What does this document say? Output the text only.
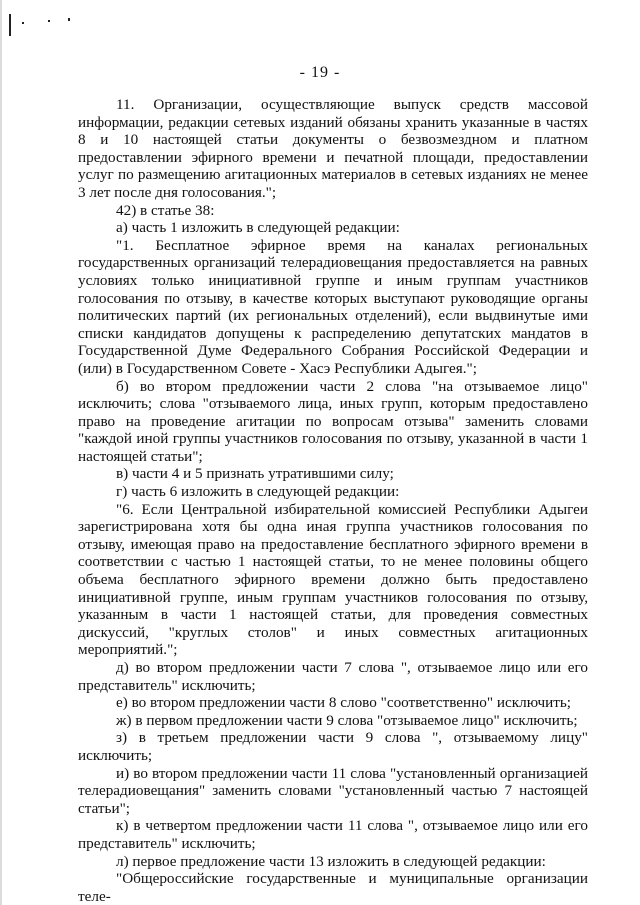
- 19 -

11. Организации, осуществляющие выпуск средств массовой информации, редакции сетевых изданий обязаны хранить указанные в частях 8 и 10 настоящей статьи документы о безвозмездном и платном предоставлении эфирного времени и печатной площади, предоставлении услуг по размещению агитационных материалов в сетевых изданиях не менее 3 лет после дня голосования.";

42) в статье 38:

а) часть 1 изложить в следующей редакции:

"1. Бесплатное эфирное время на каналах региональных государственных организаций телерадиовещания предоставляется на равных условиях только инициативной группе и иным группам участников голосования по отзыву, в качестве которых выступают руководящие органы политических партий (их региональных отделений), если выдвинутые ими списки кандидатов допущены к распределению депутатских мандатов в Государственной Думе Федерального Собрания Российской Федерации и (или) в Государственном Совете - Хасэ Республики Адыгея.";

б) во втором предложении части 2 слова "на отзываемое лицо" исключить; слова "отзываемого лица, иных групп, которым предоставлено право на проведение агитации по вопросам отзыва" заменить словами "каждой иной группы участников голосования по отзыву, указанной в части 1 настоящей статьи";

в) части 4 и 5 признать утратившими силу;

г) часть 6 изложить в следующей редакции:

"6. Если Центральной избирательной комиссией Республики Адыгеи зарегистрирована хотя бы одна иная группа участников голосования по отзыву, имеющая право на предоставление бесплатного эфирного времени в соответствии с частью 1 настоящей статьи, то не менее половины общего объема бесплатного эфирного времени должно быть предоставлено инициативной группе, иным группам участников голосования по отзыву, указанным в части 1 настоящей статьи, для проведения совместных дискуссий, "круглых столов" и иных совместных агитационных мероприятий.";

д) во втором предложении части 7 слова ", отзываемое лицо или его представитель" исключить;

е) во втором предложении части 8 слово "соответственно" исключить;

ж) в первом предложении части 9 слова "отзываемое лицо" исключить;

з) в третьем предложении части 9 слова ", отзываемому лицу" исключить;

и) во втором предложении части 11 слова "установленный организацией телерадиовещания" заменить словами "установленный частью 7 настоящей статьи";

к) в четвертом предложении части 11 слова ", отзываемое лицо или его представитель" исключить;

л) первое предложение части 13 изложить в следующей редакции:

"Общероссийские государственные и муниципальные организации теле-
